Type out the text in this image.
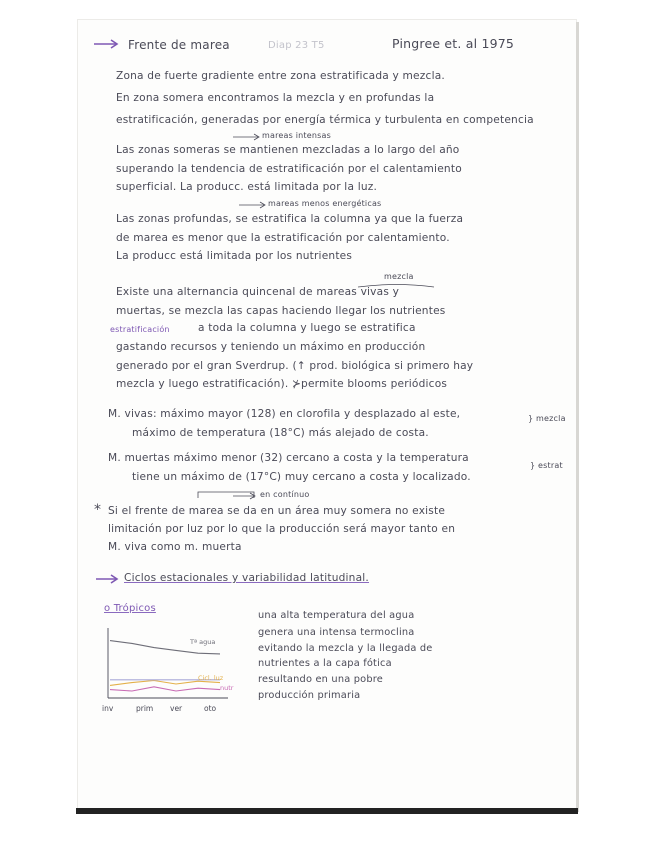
Frente de marea	Diap 23 T5	Pingree et. al 1975
Zona de fuerte gradiente entre zona estratificada y mezcla.
En zona somera encontramos la mezcla y en profundas la
estratificación, generadas por energía térmica y turbulenta en competencia
mareas intensas
Las zonas someras se mantienen mezcladas a lo largo del año
superando la tendencia de estratificación por el calentamiento
superficial. La producc. está limitada por la luz.
mareas menos energéticas
Las zonas profundas, se estratifica la columna ya que la fuerza
de marea es menor que la estratificación por calentamiento.
La producc está limitada por los nutrientes
mezcla
Existe una alternancia quincenal de mareas vivas y
muertas, se mezcla las capas haciendo llegar los nutrientes
estratificación	a toda la columna y luego se estratifica
gastando recursos y teniendo un máximo en producción
generado por el gran Sverdrup. (↑ prod. biológica si primero hay
mezcla y luego estratificación). ⊁permite blooms periódicos
M. vivas: máximo mayor (128) en clorofila y desplazado al este,
máximo de temperatura (18°C) más alejado de costa.
} mezcla
M. muertas máximo menor (32) cercano a costa y la temperatura
tiene un máximo de (17°C) muy cercano a costa y localizado.
} estrat
en contínuo
* Si el frente de marea se da en un área muy somera no existe
limitación por luz por lo que la producción será mayor tanto en
M. viva como m. muerta
Ciclos estacionales y variabilidad latitudinal.
o Trópicos
una alta temperatura del agua
genera una intensa termoclina
evitando la mezcla y la llegada de
nutrientes a la capa fótica
resultando en una pobre
producción primaria
Tª agua
Cicl. luz
nutr
inv	prim ver	oto
